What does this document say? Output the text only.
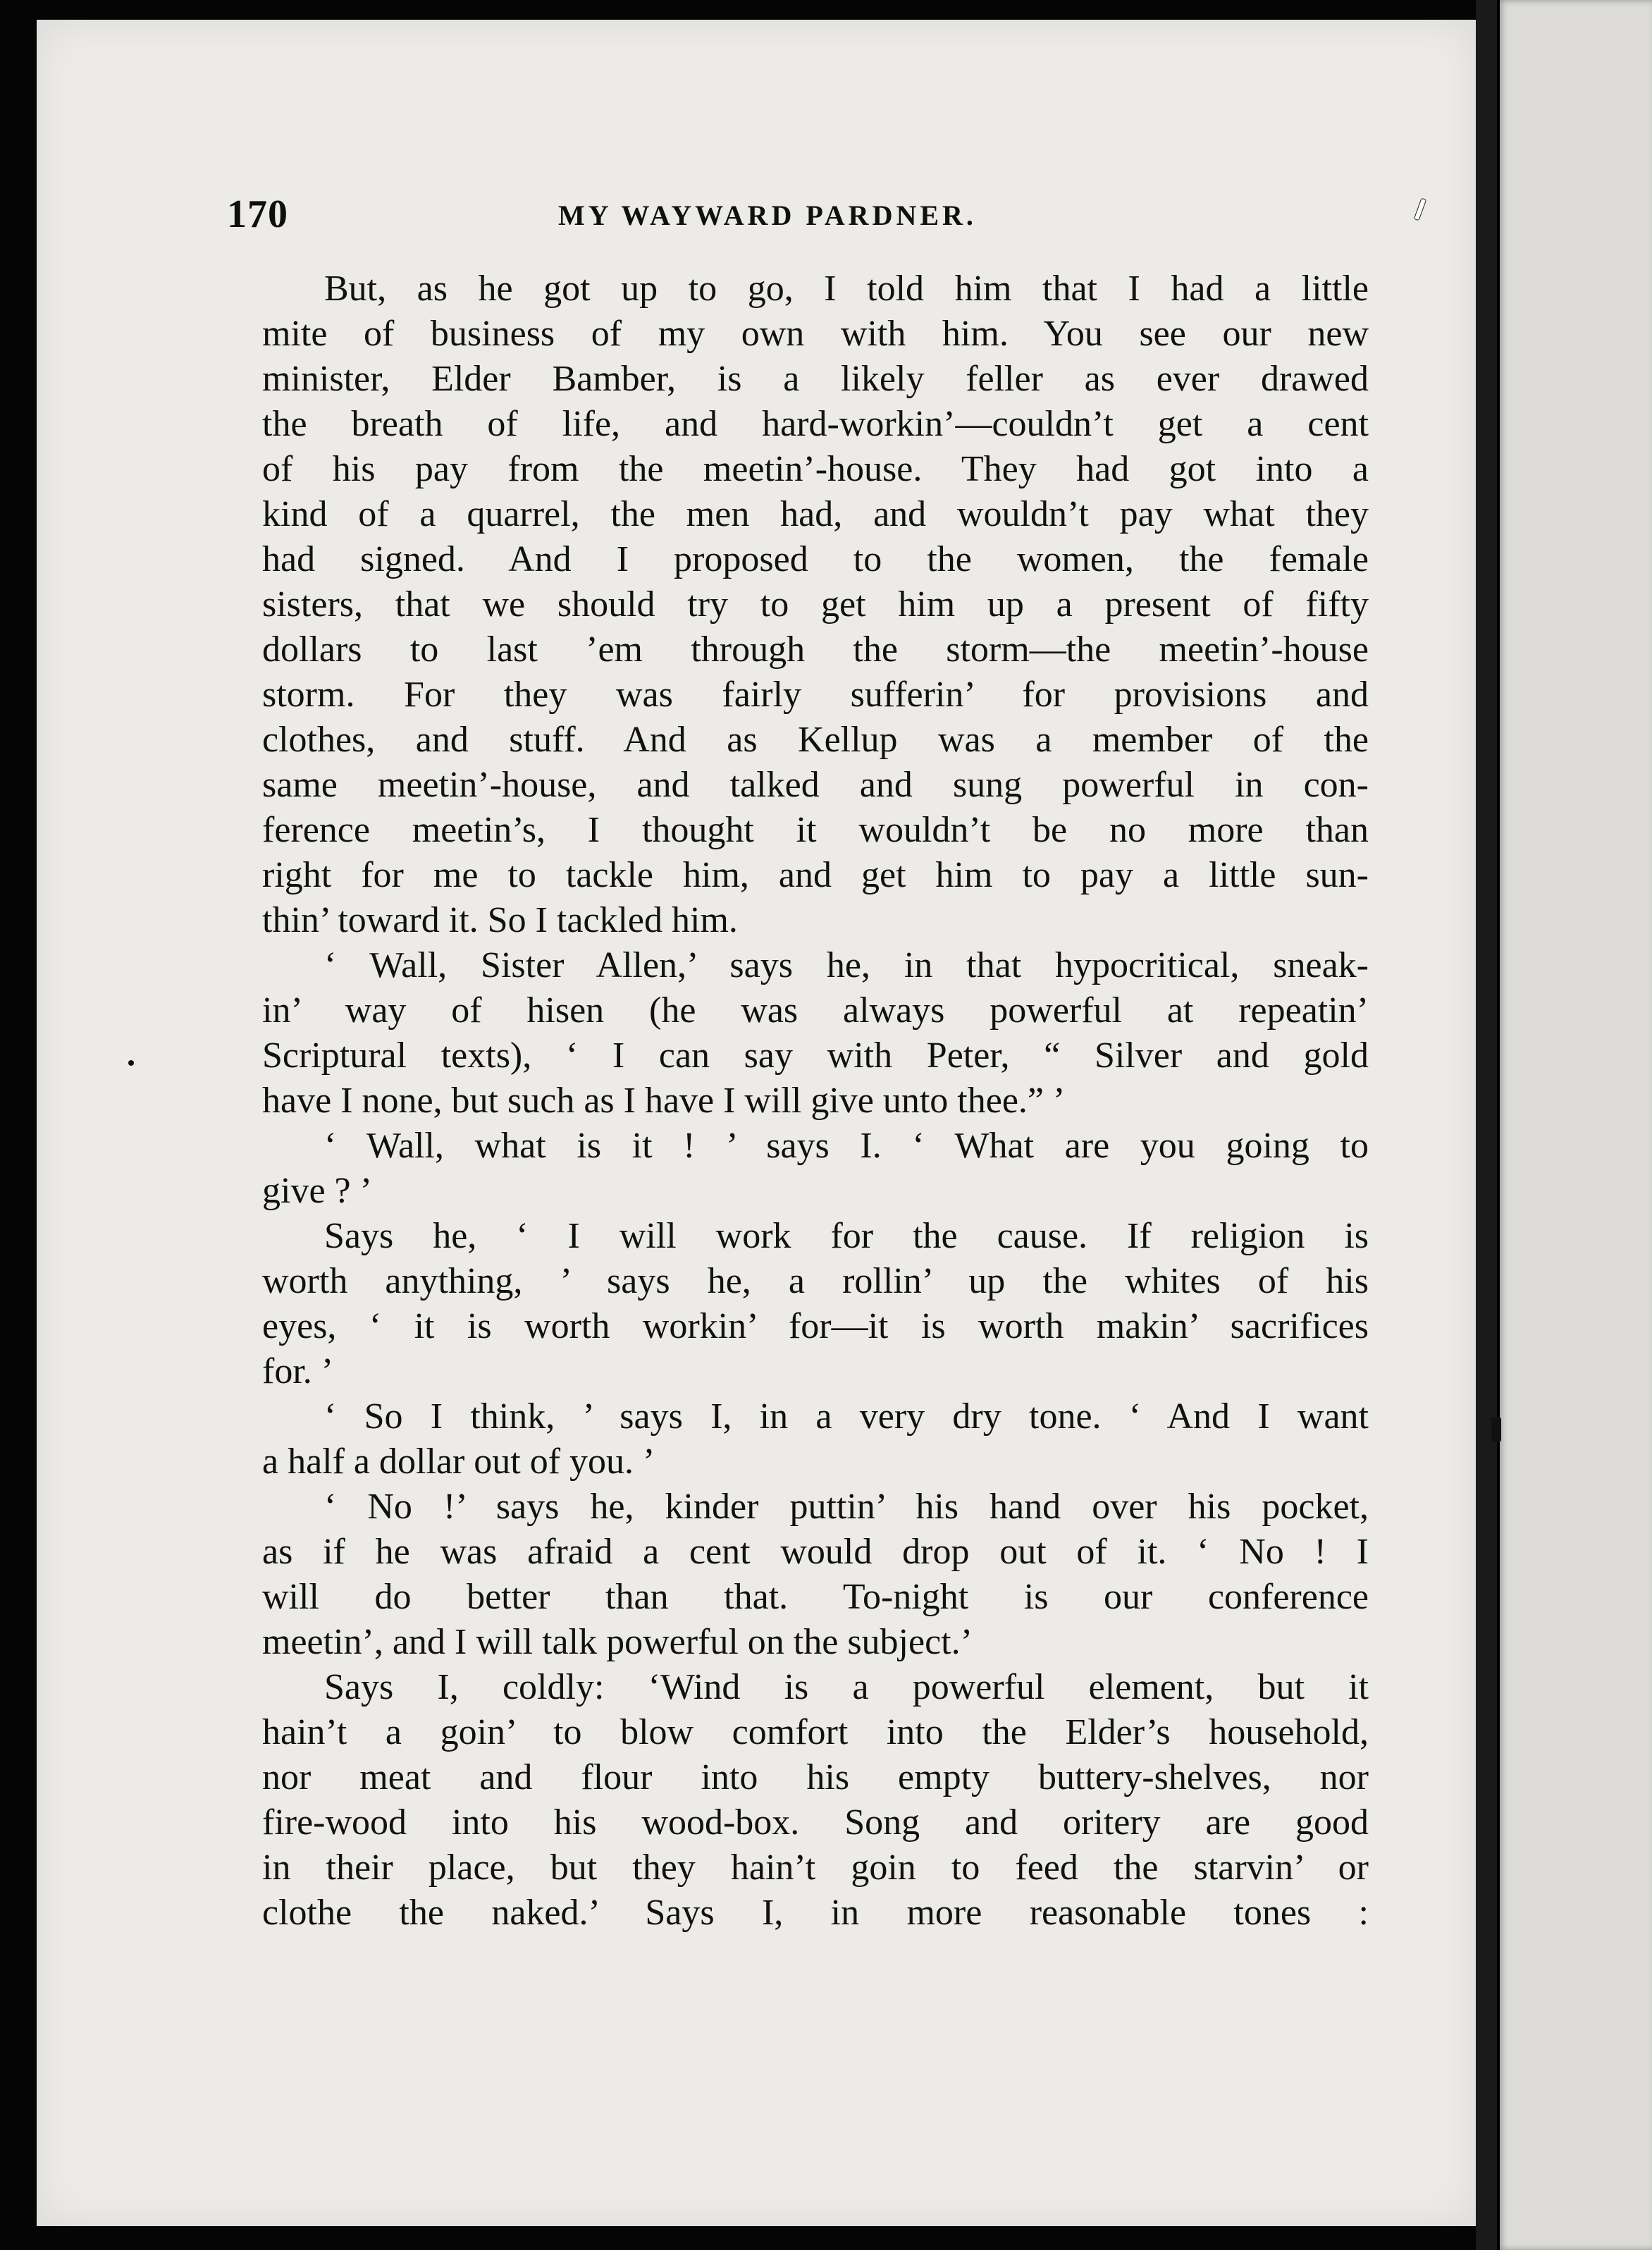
170	MY WAYWARD PARDNER.
But, as he got up to go, I told him that I had a little
mite of business of my own with him. You see our new
minister, Elder Bamber, is a likely feller as ever drawed
the breath of life, and hard-workin’—couldn’t get a cent
of his pay from the meetin’-house. They had got into a
kind of a quarrel, the men had, and wouldn’t pay what they
had signed. And I proposed to the women, the female
sisters, that we should try to get him up a present of fifty
dollars to last ’em through the storm—the meetin’-house
storm. For they was fairly sufferin’ for provisions and
clothes, and stuff. And as Kellup was a member of the
same meetin’-house, and talked and sung powerful in con-
ference meetin’s, I thought it wouldn’t be no more than
right for me to tackle him, and get him to pay a little sun-
thin’ toward it. So I tackled him.
‘ Wall, Sister Allen,’ says he, in that hypocritical, sneak-
in’ way of hisen (he was always powerful at repeatin’
Scriptural texts), ‘ I can say with Peter, “ Silver and gold
have I none, but such as I have I will give unto thee.” ’
‘ Wall, what is it ! ’ says I. ‘ What are you going to
give ? ’
Says he, ‘ I will work for the cause. If religion is
worth anything, ’ says he, a rollin’ up the whites of his
eyes, ‘ it is worth workin’ for—it is worth makin’ sacrifices
for. ’
‘ So I think, ’ says I, in a very dry tone. ‘ And I want
a half a dollar out of you. ’
‘ No !’ says he, kinder puttin’ his hand over his pocket,
as if he was afraid a cent would drop out of it. ‘ No ! I
will do better than that. To-night is our conference
meetin’, and I will talk powerful on the subject.’
Says I, coldly: ‘Wind is a powerful element, but it
hain’t a goin’ to blow comfort into the Elder’s household,
nor meat and flour into his empty buttery-shelves, nor
fire-wood into his wood-box. Song and oritery are good
in their place, but they hain’t goin to feed the starvin’ or
clothe the naked.’ Says I, in more reasonable tones :
